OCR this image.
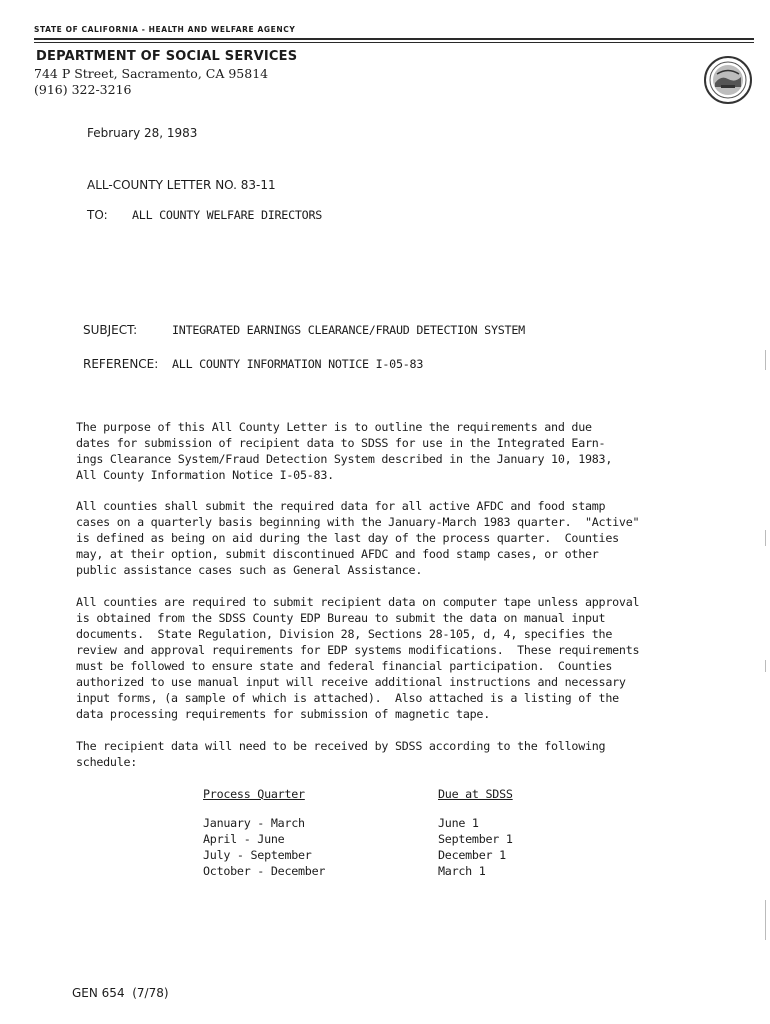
STATE OF CALIFORNIA - HEALTH AND WELFARE AGENCY
DEPARTMENT OF SOCIAL SERVICES
744 P Street, Sacramento, CA 95814
(916) 322-3216
February 28, 1983
ALL-COUNTY LETTER NO. 83-11
TO: ALL COUNTY WELFARE DIRECTORS
SUBJECT:	INTEGRATED EARNINGS CLEARANCE/FRAUD DETECTION SYSTEM
REFERENCE: ALL COUNTY INFORMATION NOTICE I-05-83

The purpose of this All County Letter is to outline the requirements and due
dates for submission of recipient data to SDSS for use in the Integrated Earn-
ings Clearance System/Fraud Detection System described in the January 10, 1983,
All County Information Notice I-05-83.

All counties shall submit the required data for all active AFDC and food stamp
cases on a quarterly basis beginning with the January-March 1983 quarter.  "Active"
is defined as being on aid during the last day of the process quarter.  Counties
may, at their option, submit discontinued AFDC and food stamp cases, or other
public assistance cases such as General Assistance.

All counties are required to submit recipient data on computer tape unless approval
is obtained from the SDSS County EDP Bureau to submit the data on manual input
documents.  State Regulation, Division 28, Sections 28-105, d, 4, specifies the
review and approval requirements for EDP systems modifications.  These requirements
must be followed to ensure state and federal financial participation.  Counties
authorized to use manual input will receive additional instructions and necessary
input forms, (a sample of which is attached).  Also attached is a listing of the
data processing requirements for submission of magnetic tape.

The recipient data will need to be received by SDSS according to the following
schedule:

Process Quarter	Due at SDSS
January - March	June 1
April - June	September 1
July - September	December 1
October - December	March 1
GEN 654  (7/78)
